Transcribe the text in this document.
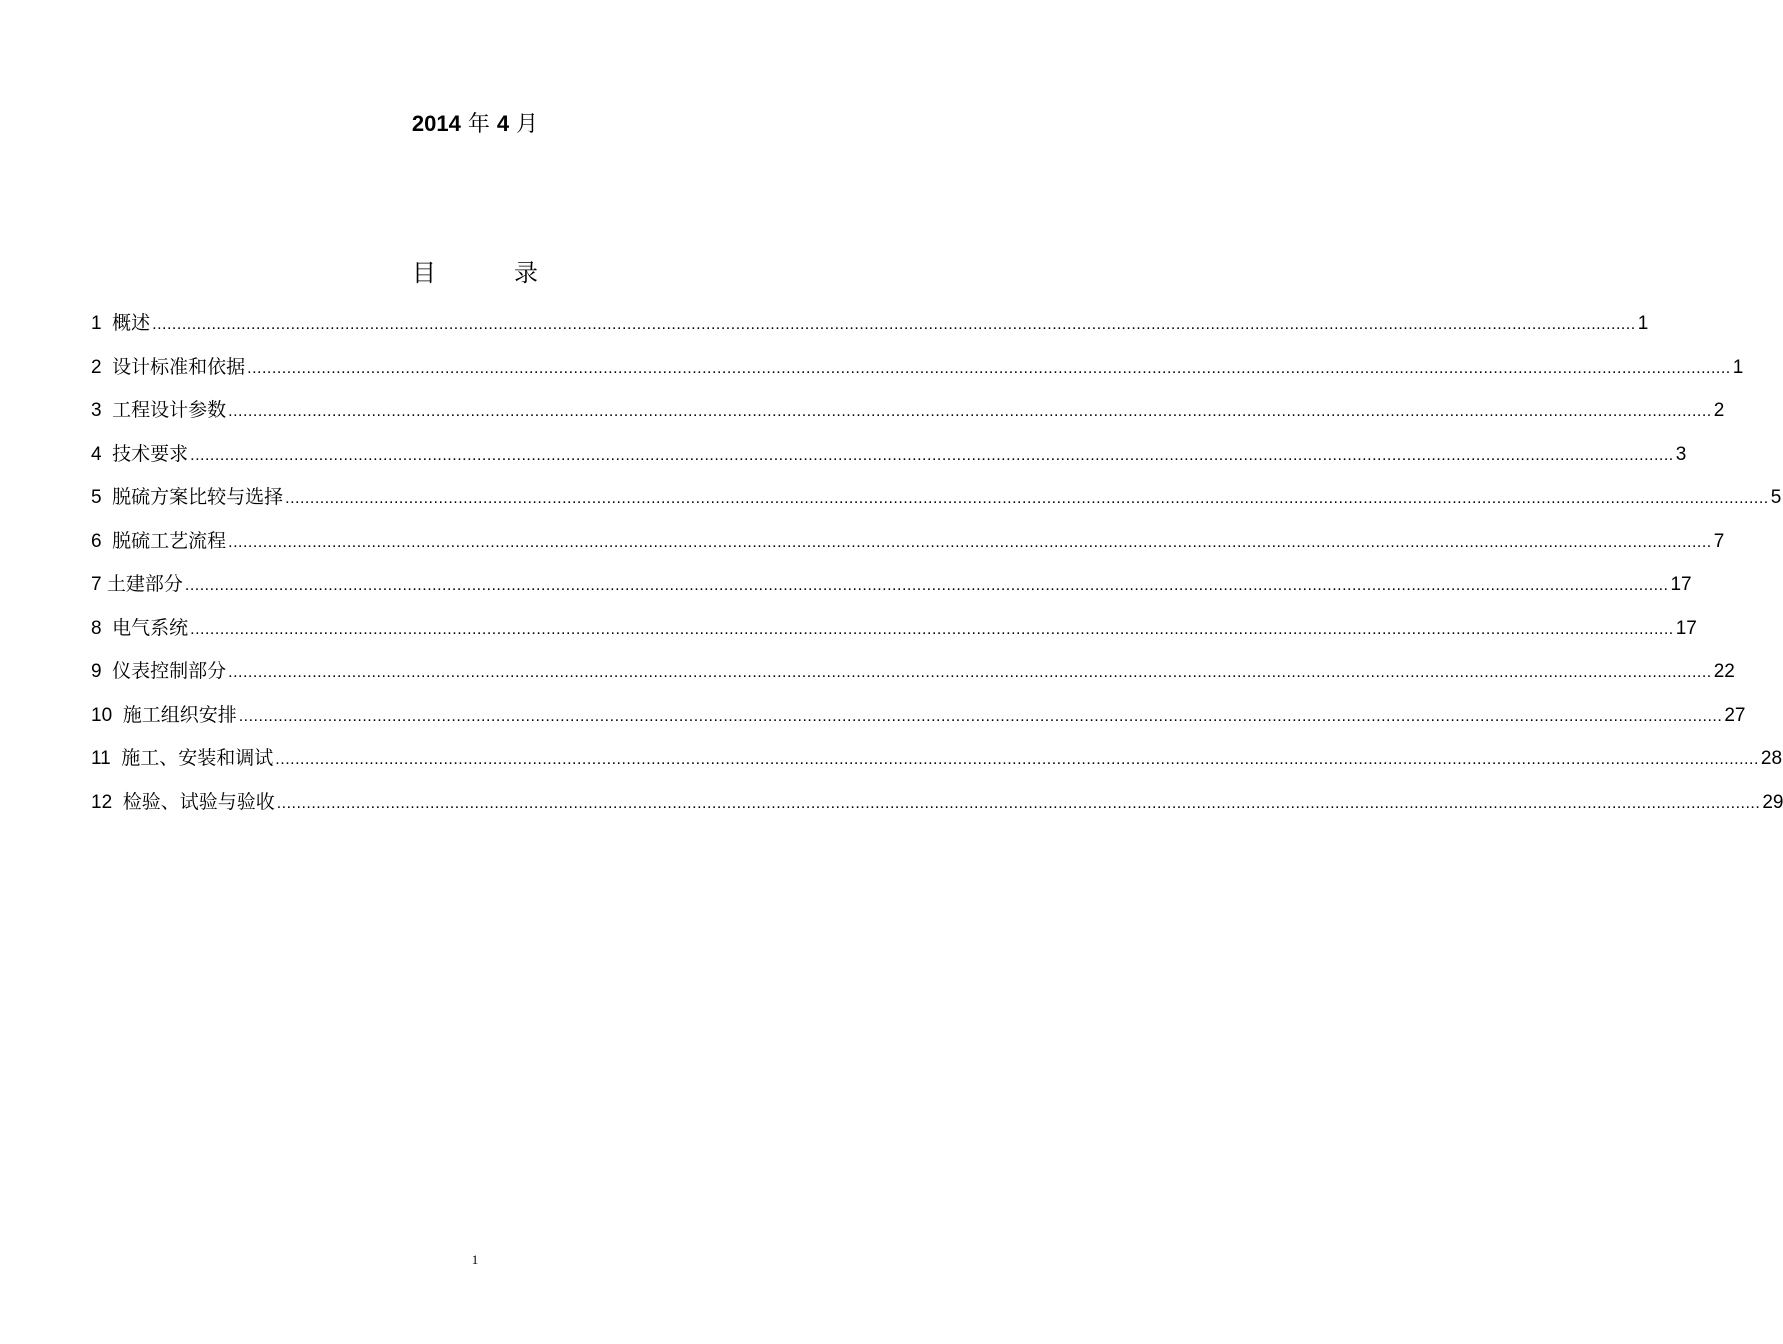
2014 年 4 月
目录
1 概述 ............................................................................................................................................................................................................................................................................................................ 1
2 设计标准和依据 ............................................................................................................................................................................................................................................................................................................ 1
3 工程设计参数 ............................................................................................................................................................................................................................................................................................................ 2
4 技术要求 ............................................................................................................................................................................................................................................................................................................ 3
5 脱硫方案比较与选择 ............................................................................................................................................................................................................................................................................................................ 5
6 脱硫工艺流程 ............................................................................................................................................................................................................................................................................................................ 7
7 土建部分 ............................................................................................................................................................................................................................................................................................................ 17
8 电气系统 ............................................................................................................................................................................................................................................................................................................ 17
9 仪表控制部分 ............................................................................................................................................................................................................................................................................................................ 22
10 施工组织安排 ............................................................................................................................................................................................................................................................................................................ 27
11 施工、安装和调试 ............................................................................................................................................................................................................................................................................................................ 28
12 检验、试验与验收 ............................................................................................................................................................................................................................................................................................................ 29
1
